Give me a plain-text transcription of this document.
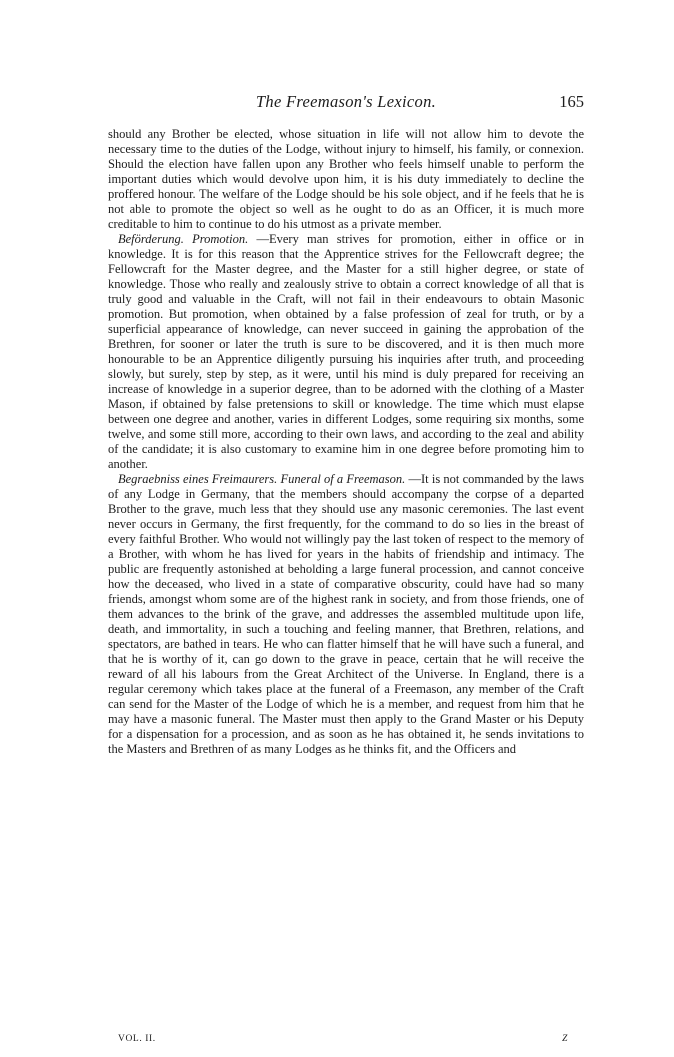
The Freemason's Lexicon.	165

should any Brother be elected, whose situation in life will not allow him to devote the necessary time to the duties of the Lodge, without injury to himself, his family, or connexion. Should the election have fallen upon any Brother who feels himself unable to perform the important duties which would devolve upon him, it is his duty immediately to decline the proffered honour. The welfare of the Lodge should be his sole object, and if he feels that he is not able to promote the object so well as he ought to do as an Officer, it is much more creditable to him to continue to do his utmost as a private member.

Beförderung. Promotion. —Every man strives for promotion, either in office or in knowledge. It is for this reason that the Apprentice strives for the Fellowcraft degree; the Fellowcraft for the Master degree, and the Master for a still higher degree, or state of knowledge. Those who really and zealously strive to obtain a correct knowledge of all that is truly good and valuable in the Craft, will not fail in their endeavours to obtain Masonic promotion. But promotion, when obtained by a false profession of zeal for truth, or by a superficial appearance of knowledge, can never succeed in gaining the approbation of the Brethren, for sooner or later the truth is sure to be discovered, and it is then much more honourable to be an Apprentice diligently pursuing his inquiries after truth, and proceeding slowly, but surely, step by step, as it were, until his mind is duly prepared for receiving an increase of knowledge in a superior degree, than to be adorned with the clothing of a Master Mason, if obtained by false pretensions to skill or knowledge. The time which must elapse between one degree and another, varies in different Lodges, some requiring six months, some twelve, and some still more, according to their own laws, and according to the zeal and ability of the candidate; it is also customary to examine him in one degree before promoting him to another.

Begraebniss eines Freimaurers. Funeral of a Freemason. —It is not commanded by the laws of any Lodge in Germany, that the members should accompany the corpse of a departed Brother to the grave, much less that they should use any masonic ceremonies. The last event never occurs in Germany, the first frequently, for the command to do so lies in the breast of every faithful Brother. Who would not willingly pay the last token of respect to the memory of a Brother, with whom he has lived for years in the habits of friendship and intimacy. The public are frequently astonished at beholding a large funeral procession, and cannot conceive how the deceased, who lived in a state of comparative obscurity, could have had so many friends, amongst whom some are of the highest rank in society, and from those friends, one of them advances to the brink of the grave, and addresses the assembled multitude upon life, death, and immortality, in such a touching and feeling manner, that Brethren, relations, and spectators, are bathed in tears. He who can flatter himself that he will have such a funeral, and that he is worthy of it, can go down to the grave in peace, certain that he will receive the reward of all his labours from the Great Architect of the Universe. In England, there is a regular ceremony which takes place at the funeral of a Freemason, any member of the Craft can send for the Master of the Lodge of which he is a member, and request from him that he may have a masonic funeral. The Master must then apply to the Grand Master or his Deputy for a dispensation for a procession, and as soon as he has obtained it, he sends invitations to the Masters and Brethren of as many Lodges as he thinks fit, and the Officers and

VOL. II.	Z
